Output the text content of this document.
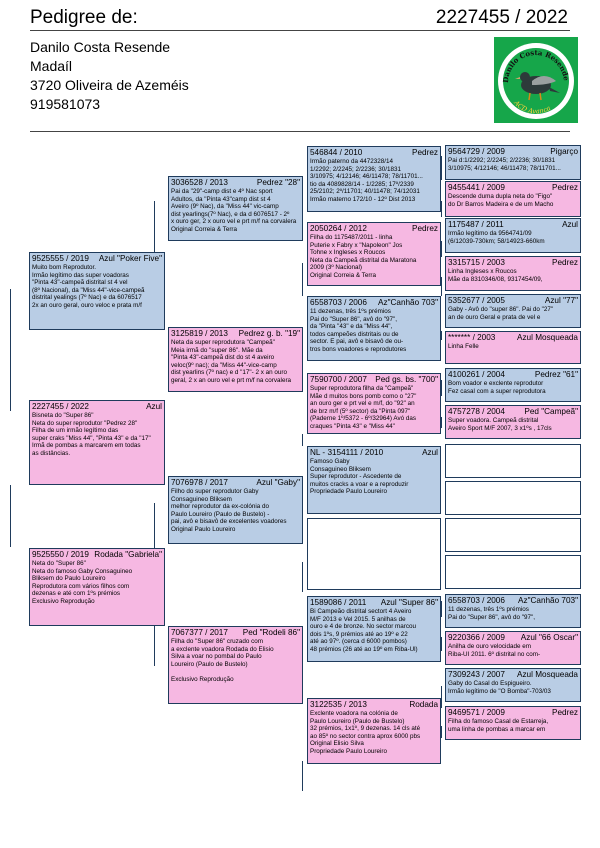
Pedigree de:	2227455 / 2022
Danilo Costa Resende
Madaíl
3720 Oliveira de Azeméis
919581073
Danilo Costa Resende
ACD Avanca
2227455 / 2022	Azul
Bisneta do "Super 86"
Neta do super reprodutor "Pedrez 28"
Filha de um irmão legítimo das
super craks "Miss 44", "Pinta 43" e da "17"
Irmã de pombas a marcarem em todas
as distâncias.
9525555 / 2019 Azul "Poker Five"
Muito bom Reprodutor.
Irmão legítimo das super voadoras
"Pinta 43"-campeã distrital st 4 vel
(8º Nacional), da "Miss 44"-vice-campeã
distrital yealings (7º Nac) e da 6076517
2x an ouro geral, ouro veloc e prata m/f
9525550 / 2019 Rodada "Gabriela"
Neta do "Super 86"
Neta do famoso Gaby Consaguineo
Bliksem do Paulo Loureiro
Reprodutora com vários filhos com
dezenas e até com 1ºs prémios
Exclusivo Reprodução
3036528 / 2013	Pedrez "28"
Pai da "29"-camp dist e 4º Nac sport
Adultos, da "Pinta 43"camp dist st 4
Aveiro (9º Nac), da "Miss 44" vic-camp
dist yearlings(7º Nac), e da d 6076517 - 2º
x ouro ger, 2 x ouro vel e prt m/f na corvalera
Original Correia & Terra
3125819 / 2013 Pedrez g. b. "19"
Neta da super reprodutora "Campeã"
Meia irmã do "super 86". Mãe da
"Pinta 43"-campeã dist do st 4 aveiro
veloc(9º nac); da "Miss 44"-vice-camp
dist yearlins (7º nac) e d "17"- 2 x an ouro
geral, 2 x an ouro vel e prt m/f na corvalera
7076978 / 2017	Azul "Gaby"
Filho do super reprodutor Gaby
Consaguineo Bliksem
melhor reprodutor da ex-colónia do
Paulo Loureiro (Paulo de Bustelo) -
pai, avô e bisavô de excelentes voadores
Original Paulo Loureiro
7067377 / 2017 Ped "Rodeli 86"
Filha do "Super 86" cruzado com
a exclente voadora Rodada do Elisio
Silva a voar no pombal do Paulo
Loureiro (Paulo de Bustelo)

Exclusivo Reprodução
546844 / 2010	Pedrez
Irmão paterno da 4472328/14
1/2292; 2/2245; 2/2236; 30/1831
3/10975; 4/12146; 46/11478; 78/11701...
tio da 4089828/14 - 1/2285; 17º/2339
25/2102; 2º/11701; 40/11478; 74/12031
Irmão materno 172/10 - 12º Dist 2013
2050264 / 2012	Pedrez
Filha do 1175487/2011 - linha
Puterie x Fabry x "Napoleon" Jos
Tohne x Ingleses x Roucos
Neta da Campeã distrital da Maratona
2009 (3º Nacional)
Original Correia & Terra
6558703 / 2006 Az"Canhão 703"
11 dezenas, três 1ºs prémios
Pai do "Super 86", avô do "97",
da "Pinta "43" e da "Miss 44",
todos campeões distritais ou de
sector. E pai, avô e bisavô de ou-
tros bons voadores e reprodutores
7590700 / 2007 Ped gs. bs. "700"
Super reprodutora filha da "Campeã"
Mãe d muitos bons pomb como o "27"
an ouro ger e prt vel e m/f, do "92" an
de brz m/f (5º sector) da "Pinta 097"
(Paderne 1º/5372 - 6º/32964) Avó das
craques "Pinta 43" e "Miss 44"
NL - 3154111 / 2010	Azul
Famoso Gaby
Consaguineo Bliksem
Super reprodutor - Ascedente de
muitos cracks a voar e a reproduzir
Propriedade Paulo Loureiro
1589086 / 2011 Azul "Super 86"
Bi Campeão distrital sectort 4 Aveiro
M/F 2013 e Vel 2015. 5 anilhas de
ouro e 4 de bronze. No sector marcou
dois 1ºs, 9 prémios até ao 19º e 22
até ao 97º. (cerca d 6000 pombos)
48 prémios (26 até ao 19º em Riba-Ul)
3122535 / 2013	Rodada
Exclente voadora na colónia de
Paulo Loureiro (Paulo de Bustelo)
32 prémios, 1x1º, 9 dezenas. 14 cls até
ao 85º no sector contra aprox 6000 pbs
Original Elisio Silva
Propriedade Paulo Loureiro
9564729 / 2009	Pigarço
Pai d:1/2292; 2/2245; 2/2236; 30/1831
3/10975; 4/12146; 46/11478; 78/11701...
9455441 / 2009	Pedrez
Descende duma dupla neta do "Figo"
do Dr Barros Madeira e de um Macho
1175487 / 2011	Azul
Irmão legítimo da 9564741/09
(6/12039-730km; 58/14923-660km
3315715 / 2003	Pedrez
Linha Ingleses x Roucos
Mãe da 8310346/08, 9317454/09,
5352677 / 2005	Azul "77"
Gaby - Avô do "super 86". Pai do "27"
an de ouro Geral e prata de vel e
******* / 2003	Azul Mosqueada
Linha Felle
4100261 / 2004	Pedrez "61"
Bom voador e exclente reprodutor
Fez casal com a super reprodutora
4757278 / 2004 Ped "Campeã"
Super voadora. Campeã distrital
Aveiro Sport M/F 2007, 3 x1ºs , 17cls
6558703 / 2006 Az"Canhão 703"
11 dezenas, três 1ºs prémios
Pai do "Super 86", avô do "97",
9220366 / 2009 Azul "66 Oscar"
Anilha de ouro velocidade em
Riba-UI 2011. 6º distrital no com-
7309243 / 2007 Azul Mosqueada
Gaby do Casal do Espigueiro.
Irmão legítimo de "O Bomba"-703/03
9469571 / 2009	Pedrez
Filha do famoso Casal de Estarreja,
uma linha de pombas a marcar em
